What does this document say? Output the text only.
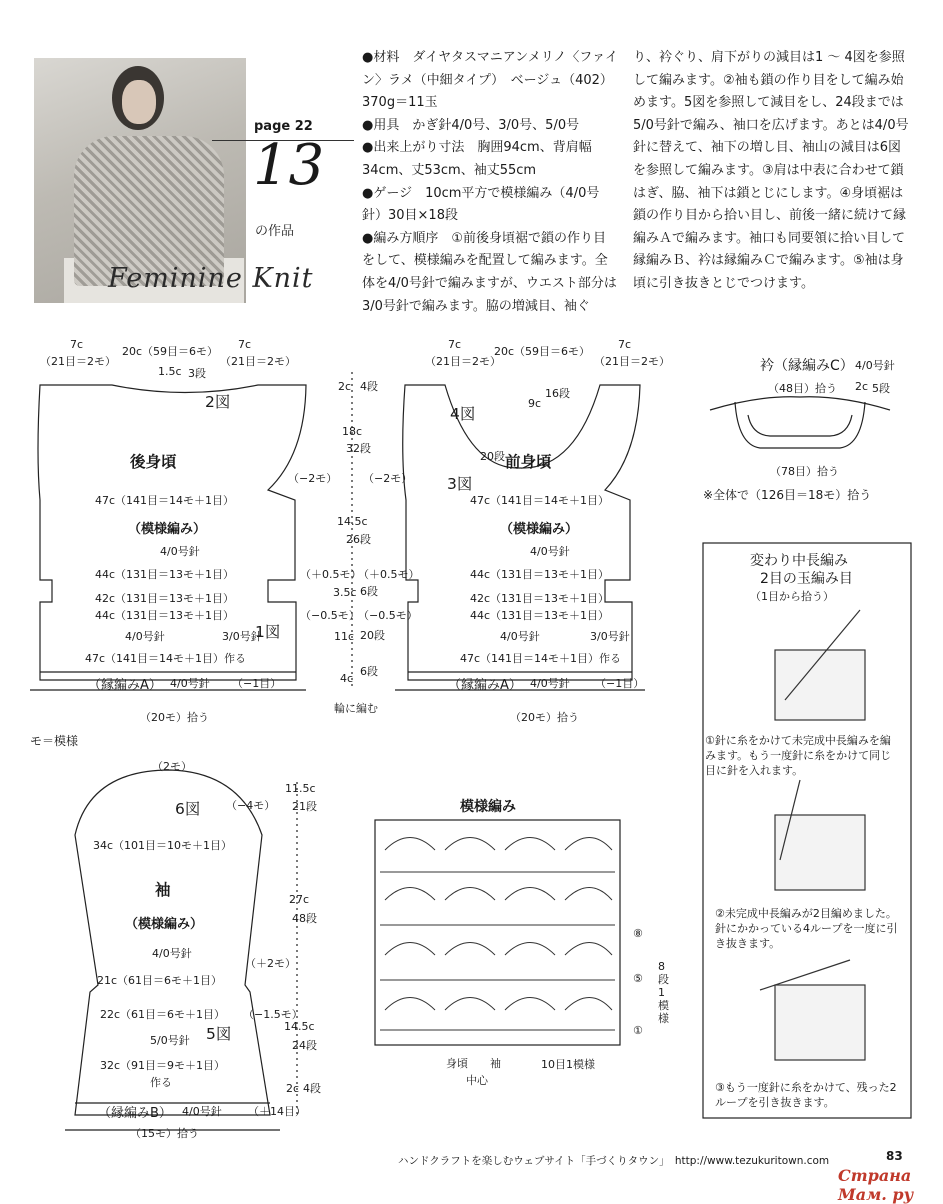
Feminine Knit
page 22
13
の作品

●材料　ダイヤタスマニアンメリノ〈ファイン〉ラメ（中細タイプ）　ベージュ（402）370g＝11玉

●用具　かぎ針4/0号、3/0号、5/0号

●出来上がり寸法　胸囲94cm、背肩幅34cm、丈53cm、袖丈55cm

●ゲージ　10cm平方で模様編み（4/0号針）30目×18段

●編み方順序　①前後身頃裾で鎖の作り目をして、模様編みを配置して編みます。全体を4/0号針で編みますが、ウエスト部分は3/0号針で編みます。脇の増減目、袖ぐ

り、衿ぐり、肩下がりの減目は1 ～ 4図を参照して編みます。②袖も鎖の作り目をして編み始めます。5図を参照して減目をし、24段までは5/0号針で編み、袖口を広げます。あとは4/0号針に替えて、袖下の増し目、袖山の減目は6図を参照して編みます。③肩は中表に合わせて鎖はぎ、脇、袖下は鎖とじにします。④身頃裾は鎖の作り目から拾い目し、前後一緒に続けて縁編みＡで編みます。袖口も同要領に拾い目して縁編みＢ、衿は縁編みＣで編みます。⑤袖は身頃に引き抜きとじでつけます。
7c
（21目＝2モ）
20c（59目＝6モ）
7c
（21目＝2モ）
1.5c 3段
2図
後身頃
（−2モ）
47c（141目＝14モ＋1目）
（模様編み）
4/0号針
44c（131目＝13モ＋1目）
42c（131目＝13モ＋1目）
44c（131目＝13モ＋1目）
4/0号針	3/0号針
1図
47c（141目＝14モ＋1目）作る
（縁編みA） 4/0号針 （−1目）
（20モ）拾う
7c
（21目＝2モ）
20c（59目＝6モ）
7c
（21目＝2モ）
9c
16段
20段
4図
前身頃
3図
（−2モ）
47c（141目＝14モ＋1目）
（模様編み）
4/0号針
44c（131目＝13モ＋1目）
42c（131目＝13モ＋1目）
44c（131目＝13モ＋1目）
4/0号針	3/0号針
47c（141目＝14モ＋1目）作る
（縁編みA） 4/0号針 （−1目）
（20モ）拾う
2c 4段
18c
32段
14.5c
26段
（＋0.5モ）
（＋0.5モ）
3.5c 6段
（−0.5モ）
（−0.5モ）
11c 20段
4c
6段
輪に編む
モ＝模様
衿（縁編みC） 4/0号針
（48目）拾う 2c 5段
（78目）拾う
※全体で（126目＝18モ）拾う
（2モ）
6図 （−4モ）
34c（101目＝10モ＋1目）
袖
（模様編み）
4/0号針
（＋2モ）
21c（61目＝6モ＋1目）
22c（61目＝6モ＋1目） （−1.5モ）
5/0号針 5図
32c（91目＝9モ＋1目）
作る
（縁編みB） 4/0号針 （＋14目）
（15モ）拾う
11.5c
21段
27c
48段
14.5c
24段
2c 4段
模様編み
⑧
⑤
①
8段1模様
身頃 袖
中心
10目1模様
変わり中長編み
2目の玉編み目
（1目から拾う）
①針に糸をかけて未完成中長編みを編みます。もう一度針に糸をかけて同じ目に針を入れます。
②未完成中長編みが2目編めました。針にかかっている4ループを一度に引き抜きます。
③もう一度針に糸をかけて、残った2ループを引き抜きます。
ハンドクラフトを楽しむウェブサイト「手づくりタウン」　http://www.tezukuritown.com	83
Страна Мам. ру
